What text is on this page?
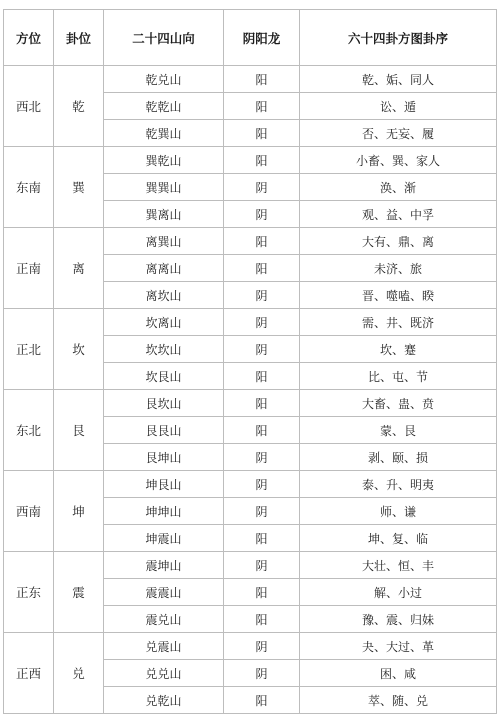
方位	卦位	二十四山向	阴阳龙	六十四卦方图卦序
西北	乾	乾兑山	阳	乾、姤、同人
		乾乾山	阳	讼、遁
		乾巽山	阳	否、无妄、履
东南	巽	巽乾山	阳	小畜、巽、家人
		巽巽山	阴	涣、渐
		巽离山	阴	观、益、中孚
正南	离	离巽山	阳	大有、鼎、离
		离离山	阳	未济、旅
		离坎山	阴	晋、噬嗑、睽
正北	坎	坎离山	阴	需、井、既济
		坎坎山	阴	坎、蹇
		坎艮山	阳	比、屯、节
东北	艮	艮坎山	阳	大畜、蛊、贲
		艮艮山	阳	蒙、艮
		艮坤山	阴	剥、颐、损
西南	坤	坤艮山	阴	泰、升、明夷
		坤坤山	阴	师、谦
		坤震山	阳	坤、复、临
正东	震	震坤山	阴	大壮、恒、丰
		震震山	阳	解、小过
		震兑山	阳	豫、震、归妹
正西	兑	兑震山	阴	夬、大过、革
		兑兑山	阴	困、咸
		兑乾山	阳	萃、随、兑
